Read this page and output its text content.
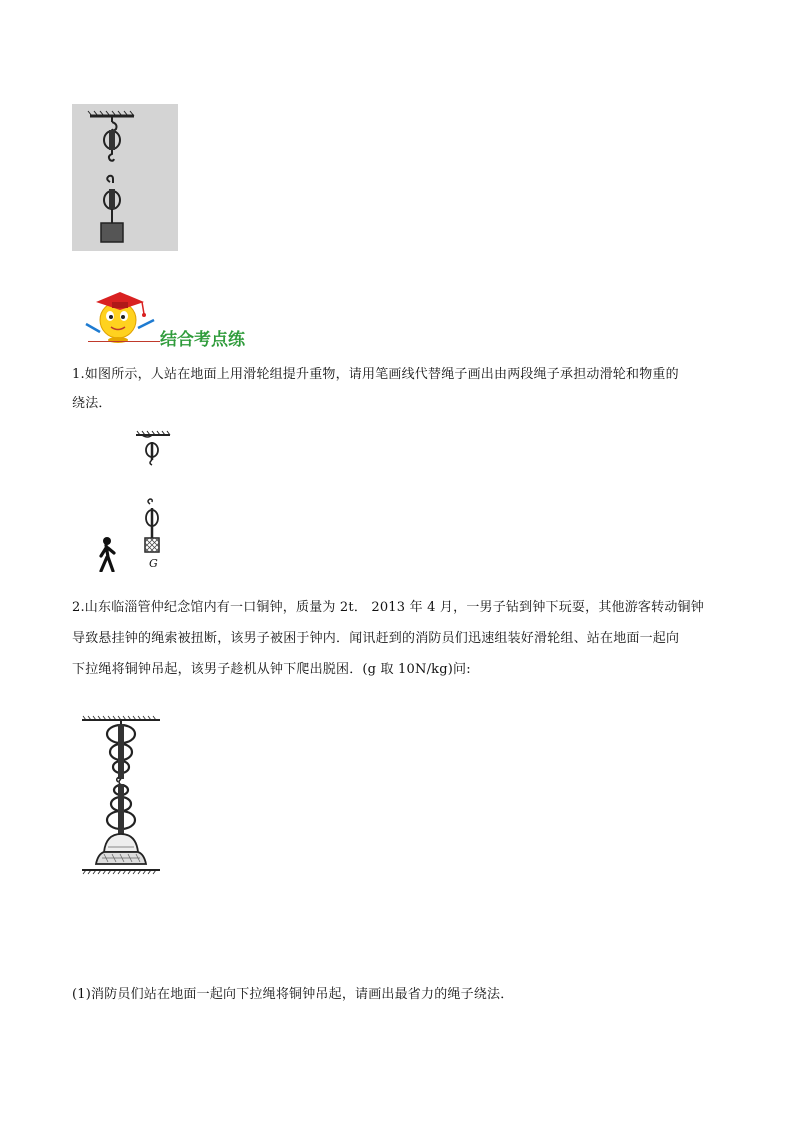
结合考点练
1.如图所示，人站在地面上用滑轮组提升重物，请用笔画线代替绳子画出由两段绳子承担动滑轮和物重的
绕法．
G
2.山东临淄管仲纪念馆内有一口铜钟，质量为 2t． 2013 年 4 月，一男子钻到钟下玩耍，其他游客转动铜钟
导致悬挂钟的绳索被扭断，该男子被困于钟内．闻讯赶到的消防员们迅速组装好滑轮组、站在地面一起向
下拉绳将铜钟吊起，该男子趁机从钟下爬出脱困．(g 取 10N/kg)问:
(1)消防员们站在地面一起向下拉绳将铜钟吊起，请画出最省力的绳子绕法．
